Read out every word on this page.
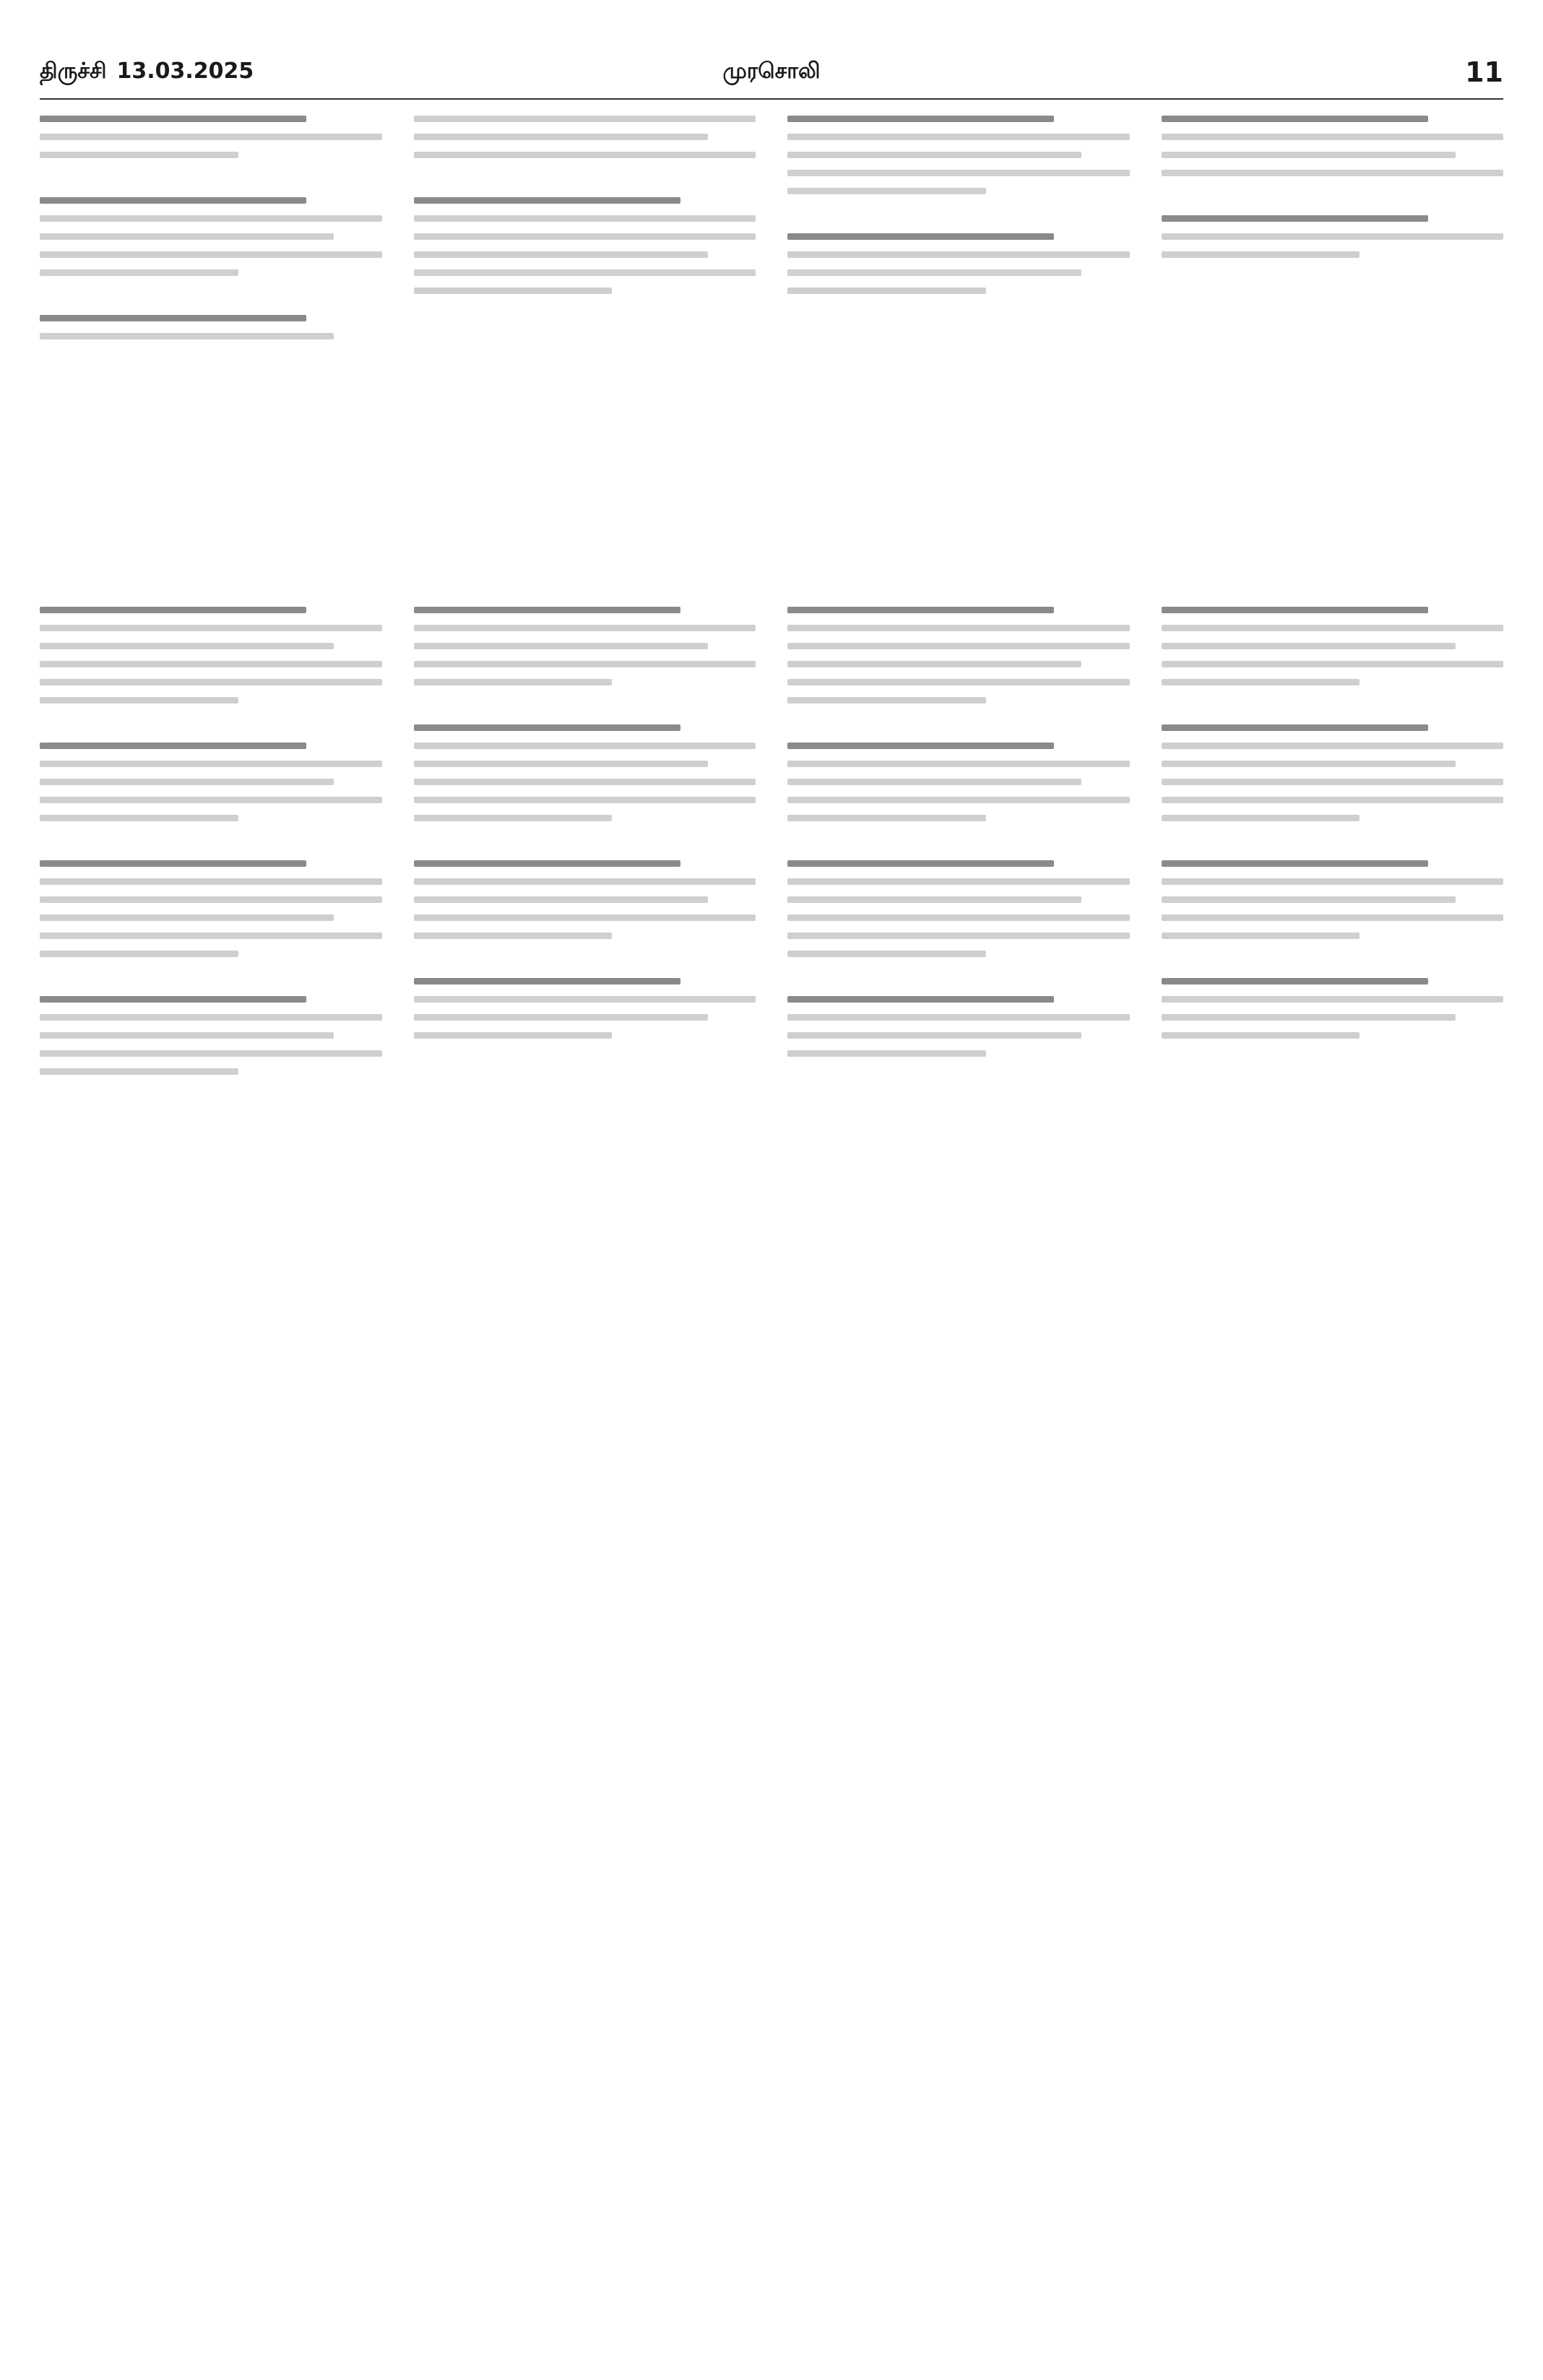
திருச்சி 13.03.2025	முரசொலி	11
